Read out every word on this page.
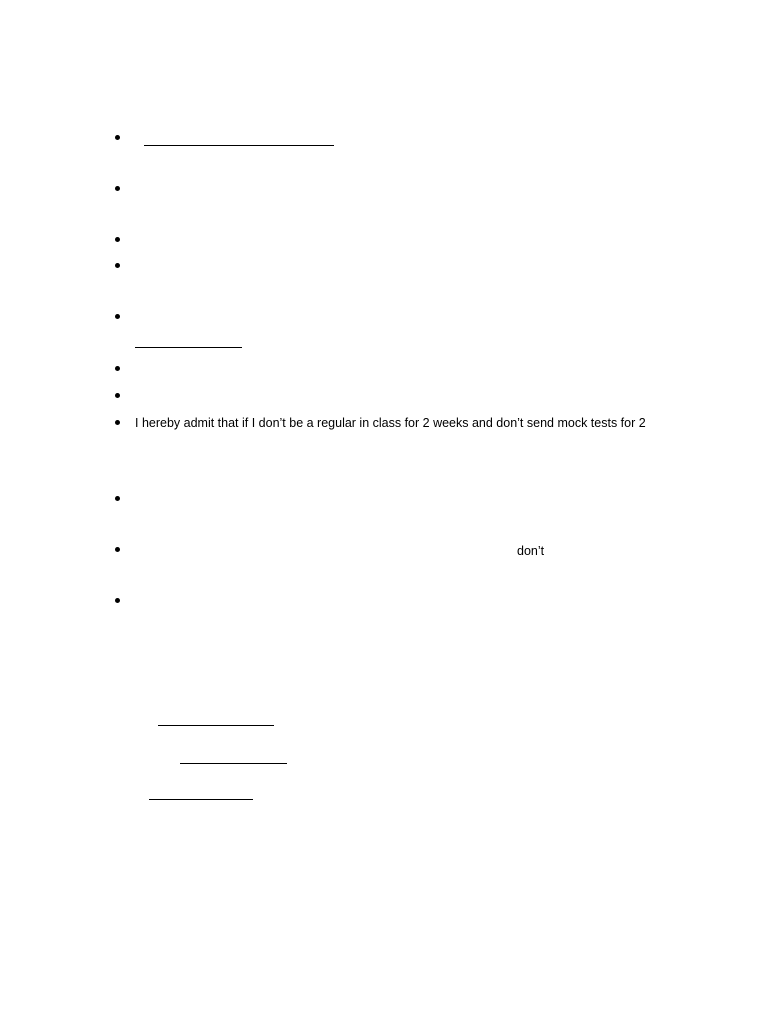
I hereby admit that if I don’t be a regular in class for 2 weeks and don’t send mock tests for 2
don’t
